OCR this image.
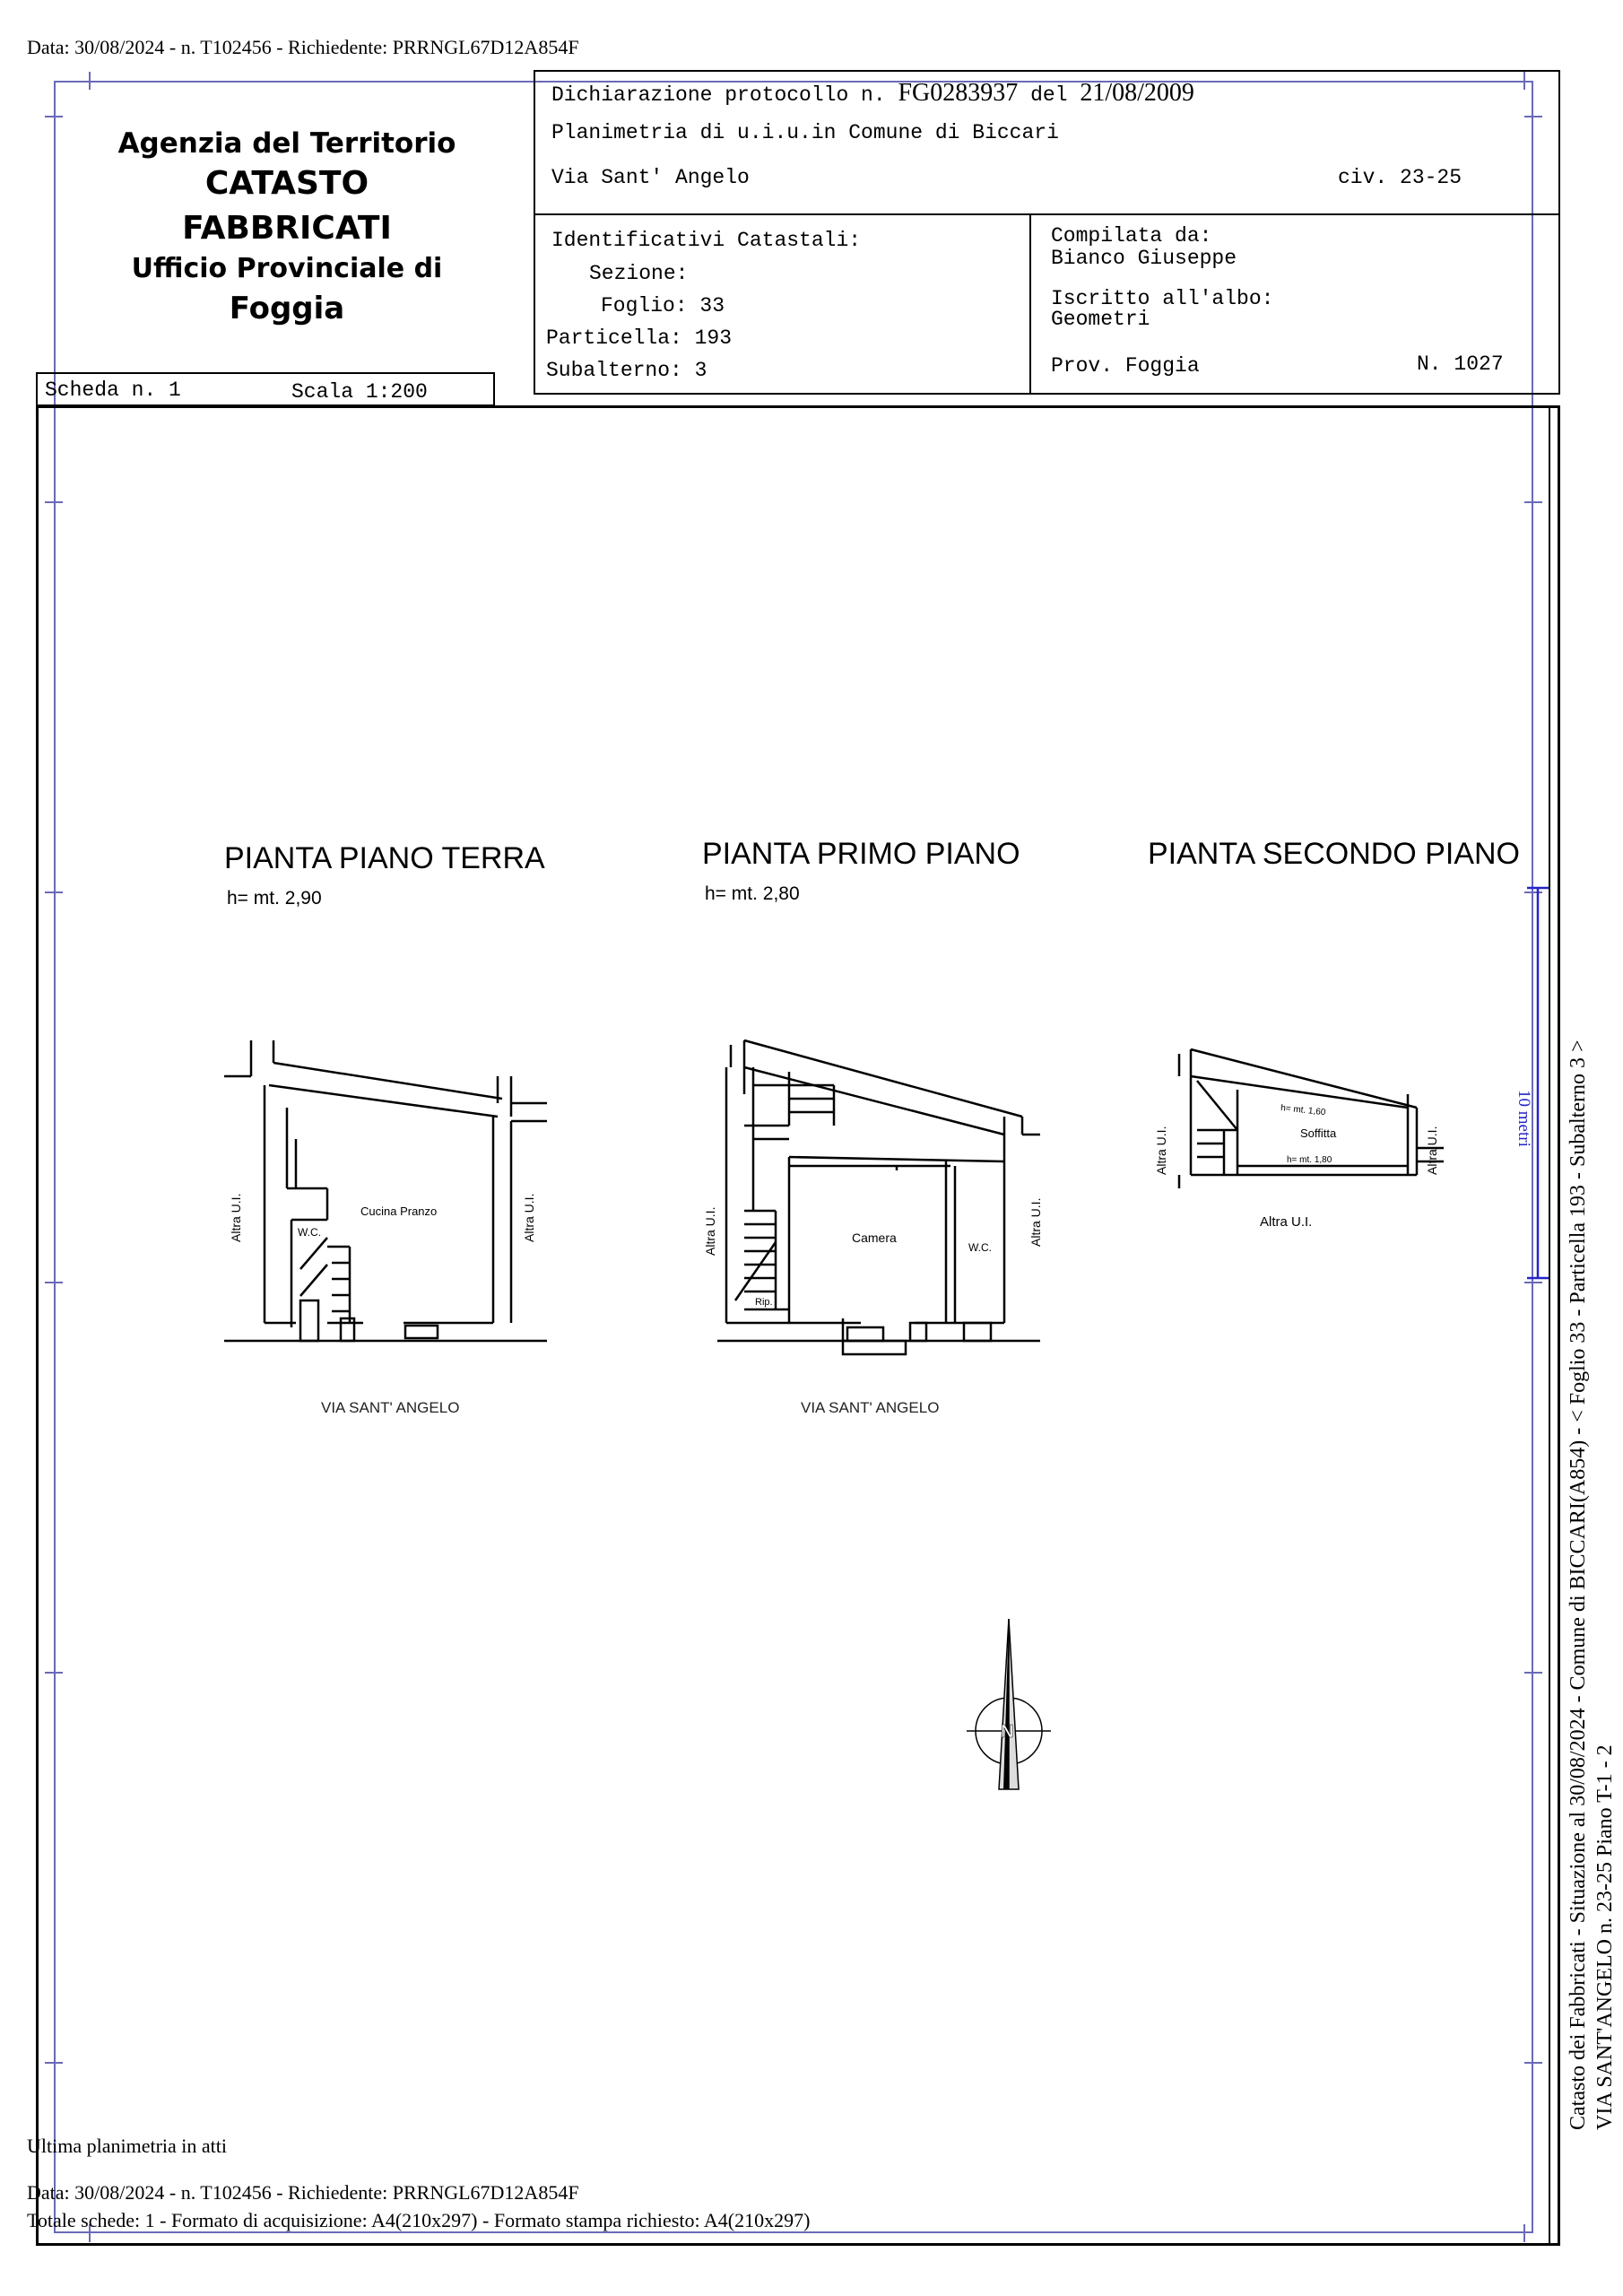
Data: 30/08/2024 - n. T102456 - Richiedente: PRRNGL67D12A854F
Agenzia del Territorio
CATASTO FABBRICATI
Ufficio Provinciale di
Foggia
Dichiarazione protocollo n. FG0283937 del 21/08/2009
Planimetria di u.i.u.in Comune di Biccari
Via Sant' Angelo	civ. 23-25
Identificativi Catastali:
Sezione:
Foglio: 33
Particella: 193
Subalterno: 3
Compilata da:
Bianco Giuseppe
Iscritto all'albo:
Geometri
Prov. Foggia	N. 1027
Scheda n. 1	Scala 1:200
PIANTA PIANO TERRA
h= mt. 2,90
PIANTA PRIMO PIANO
h= mt. 2,80
PIANTA SECONDO PIANO
Cucina Pranzo
W.C.
Altra U.I.	Altra U.I.
VIA SANT' ANGELO
Camera
W.C.
Rip.
Altra U.I.	Altra U.I.
VIA SANT' ANGELO
h= mt. 1,60
Soffitta
h= mt. 1,80
Altra U.I.	Altra U.I.
Altra U.I.
N
10 metri Catasto dei Fabbricati - Situazione al 30/08/2024 - Comune di BICCARI(A854) - < Foglio 33 - Particella 193 - Subalterno 3 > VIA SANT'ANGELO n. 23-25 Piano T-1 - 2
Ultima planimetria in atti
Data: 30/08/2024 - n. T102456 - Richiedente: PRRNGL67D12A854F
Totale schede: 1 - Formato di acquisizione: A4(210x297) - Formato stampa richiesto: A4(210x297)
